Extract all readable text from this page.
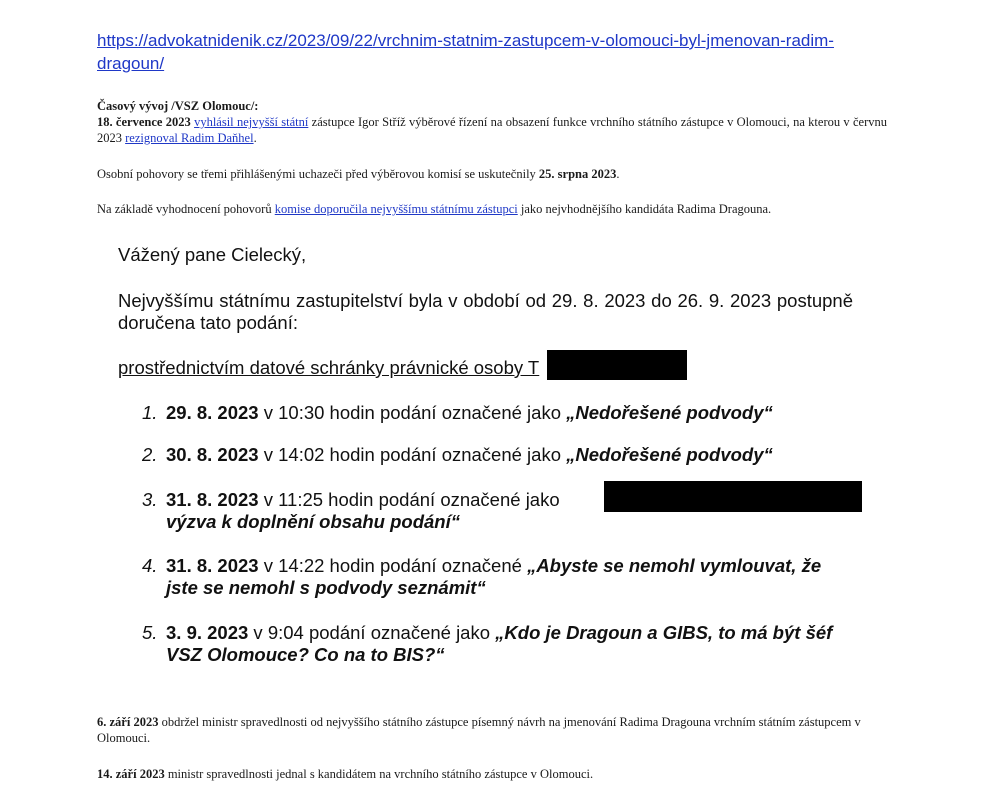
https://advokatnidenik.cz/2023/09/22/vrchnim-statnim-zastupcem-v-olomouci-byl-jmenovan-radim-
dragoun/
Časový vývoj /VSZ Olomouc/:
18. července 2023 vyhlásil nejvyšší státní zástupce Igor Stříž výběrové řízení na obsazení funkce vrchního státního zástupce v Olomouci, na kterou v červnu 2023 rezignoval Radim Daňhel.
Osobní pohovory se třemi přihlášenými uchazeči před výběrovou komisí se uskutečnily 25. srpna 2023.
Na základě vyhodnocení pohovorů komise doporučila nejvyššímu státnímu zástupci jako nejvhodnějšího kandidáta Radima Dragouna.
Vážený pane Cielecký,
Nejvyššímu státnímu zastupitelství byla v období od 29. 8. 2023 do 26. 9. 2023 postupně doručena tato podání:
prostřednictvím datové schránky právnické osoby T
1. 29. 8. 2023 v 10:30 hodin podání označené jako „Nedořešené podvody“
2. 30. 8. 2023 v 14:02 hodin podání označené jako „Nedořešené podvody“
3. 31. 8. 2023 v 11:25 hodin podání označené jako
výzva k doplnění obsahu podání“
4. 31. 8. 2023 v 14:22 hodin podání označené „Abyste se nemohl vymlouvat, že
jste se nemohl s podvody seznámit“
5. 3. 9. 2023 v 9:04 podání označené jako „Kdo je Dragoun a GIBS, to má být šéf
VSZ Olomouce? Co na to BIS?“
6. září 2023 obdržel ministr spravedlnosti od nejvyššího státního zástupce písemný návrh na jmenování Radima Dragouna vrchním státním zástupcem v Olomouci.
14. září 2023 ministr spravedlnosti jednal s kandidátem na vrchního státního zástupce v Olomouci.
